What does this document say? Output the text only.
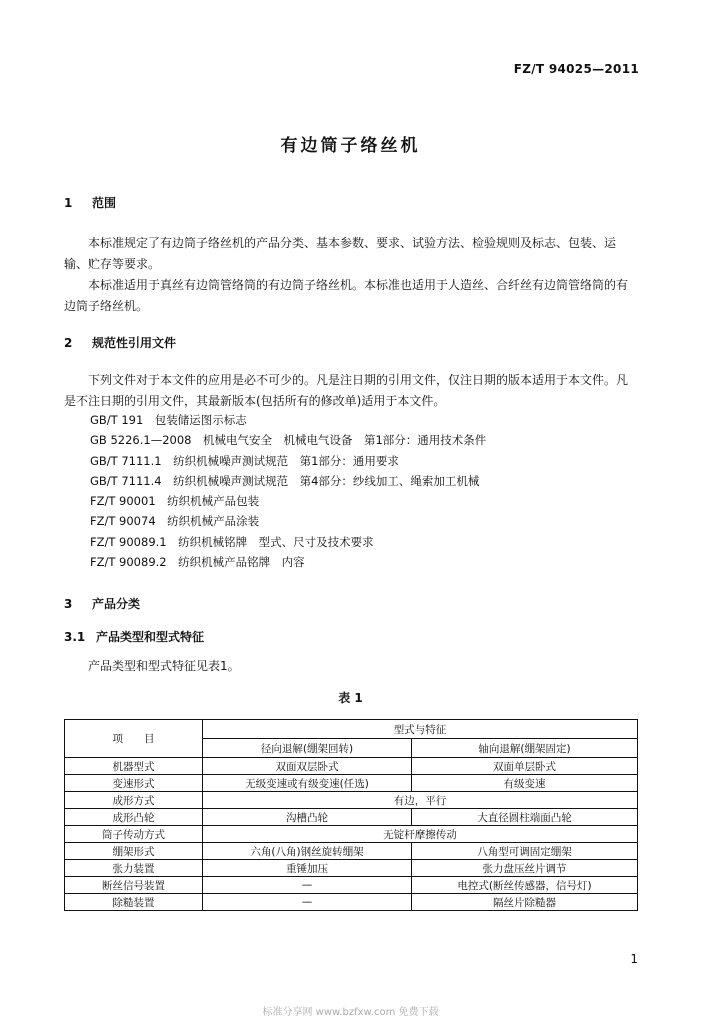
FZ/T 94025—2011
有边筒子络丝机
1 范围
本标准规定了有边筒子络丝机的产品分类、基本参数、要求、试验方法、检验规则及标志、包装、运输、贮存等要求。
本标准适用于真丝有边筒管络筒的有边筒子络丝机。本标准也适用于人造丝、合纤丝有边筒管络筒的有边筒子络丝机。
2 规范性引用文件
下列文件对于本文件的应用是必不可少的。凡是注日期的引用文件，仅注日期的版本适用于本文件。凡是不注日期的引用文件，其最新版本(包括所有的修改单)适用于本文件。
GB/T 191　包装储运图示标志
GB 5226.1—2008　机械电气安全　机械电气设备　第1部分：通用技术条件
GB/T 7111.1　纺织机械噪声测试规范　第1部分：通用要求
GB/T 7111.4　纺织机械噪声测试规范　第4部分：纱线加工、绳索加工机械
FZ/T 90001　纺织机械产品包装
FZ/T 90074　纺织机械产品涂装
FZ/T 90089.1　纺织机械铭牌　型式、尺寸及技术要求
FZ/T 90089.2　纺织机械产品铭牌　内容
3 产品分类
3.1 产品类型和型式特征
产品类型和型式特征见表1。
表 1
项　　目	型式与特征	
	径向退解(绷架回转)	轴向退解(绷架固定)
机器型式	双面双层卧式	双面单层卧式
变速形式	无级变速或有级变速(任选)	有级变速
成形方式	有边，平行	
成形凸轮	沟槽凸轮	大直径圆柱端面凸轮
筒子传动方式	无锭杆摩擦传动	
绷架形式	六角(八角)钢丝旋转绷架	八角型可调固定绷架
张力装置	重锤加压	张力盘压丝片调节
断丝信号装置	—	电控式(断丝传感器，信号灯)
除糙装置	—	隔丝片除糙器
1
标准分享网 www.bzfxw.com 免费下载
